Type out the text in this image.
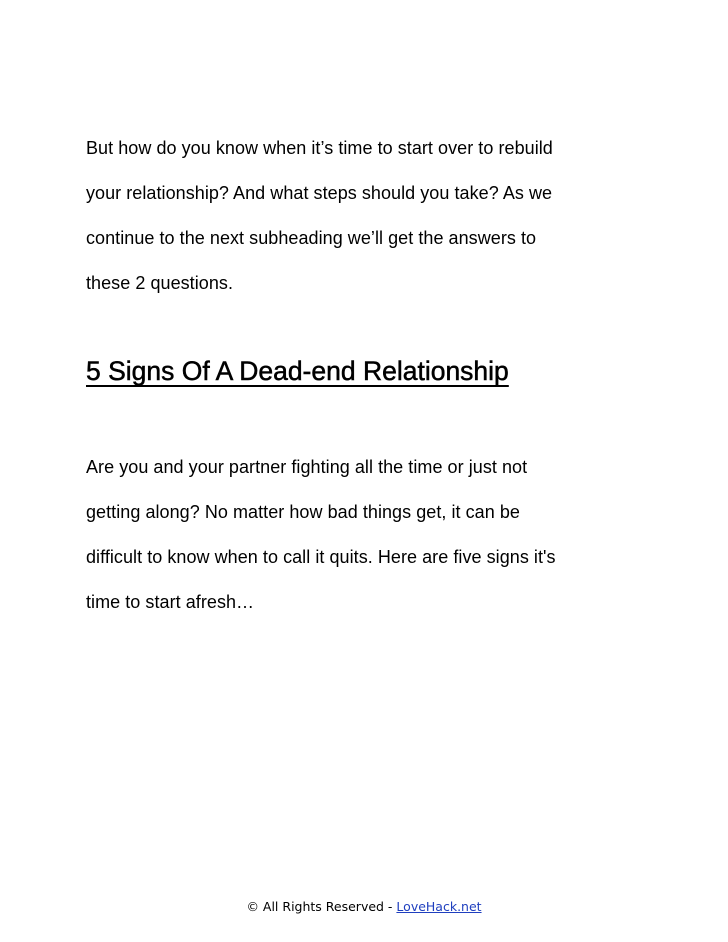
But how do you know when it’s time to start over to rebuild
your relationship? And what steps should you take? As we
continue to the next subheading we’ll get the answers to
these 2 questions.

5 Signs Of A Dead-end Relationship

Are you and your partner fighting all the time or just not
getting along? No matter how bad things get, it can be
difficult to know when to call it quits. Here are five signs it's
time to start afresh…

© All Rights Reserved - LoveHack.net
